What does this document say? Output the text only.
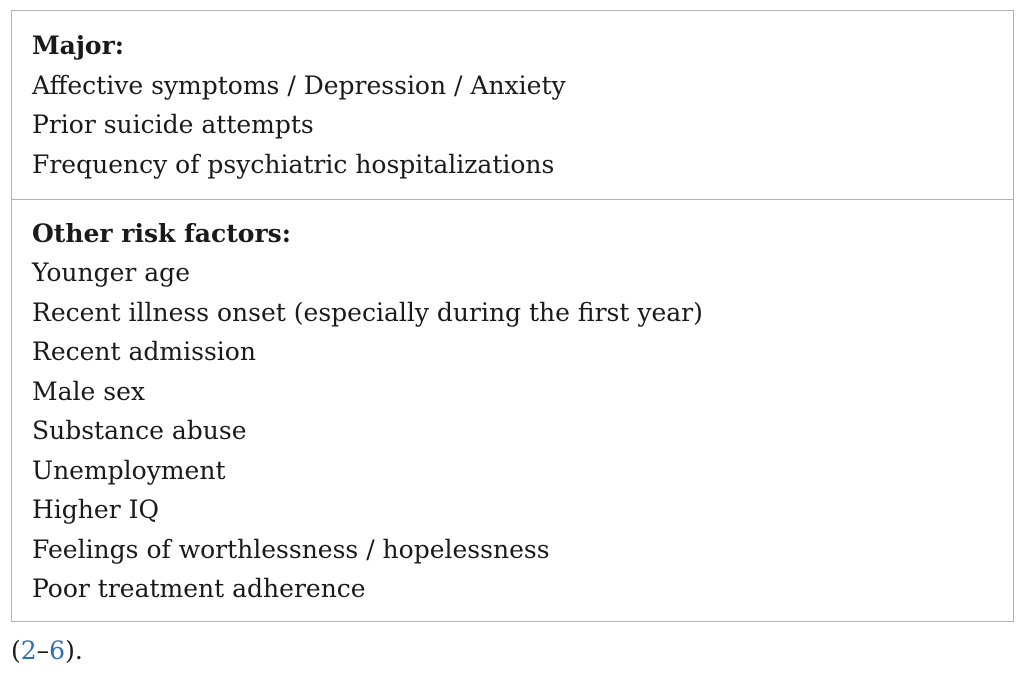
Major:
Affective symptoms / Depression / Anxiety
Prior suicide attempts
Frequency of psychiatric hospitalizations
Other risk factors:
Younger age
Recent illness onset (especially during the first year)
Recent admission
Male sex
Substance abuse
Unemployment
Higher IQ
Feelings of worthlessness / hopelessness
Poor treatment adherence
(2–6).
